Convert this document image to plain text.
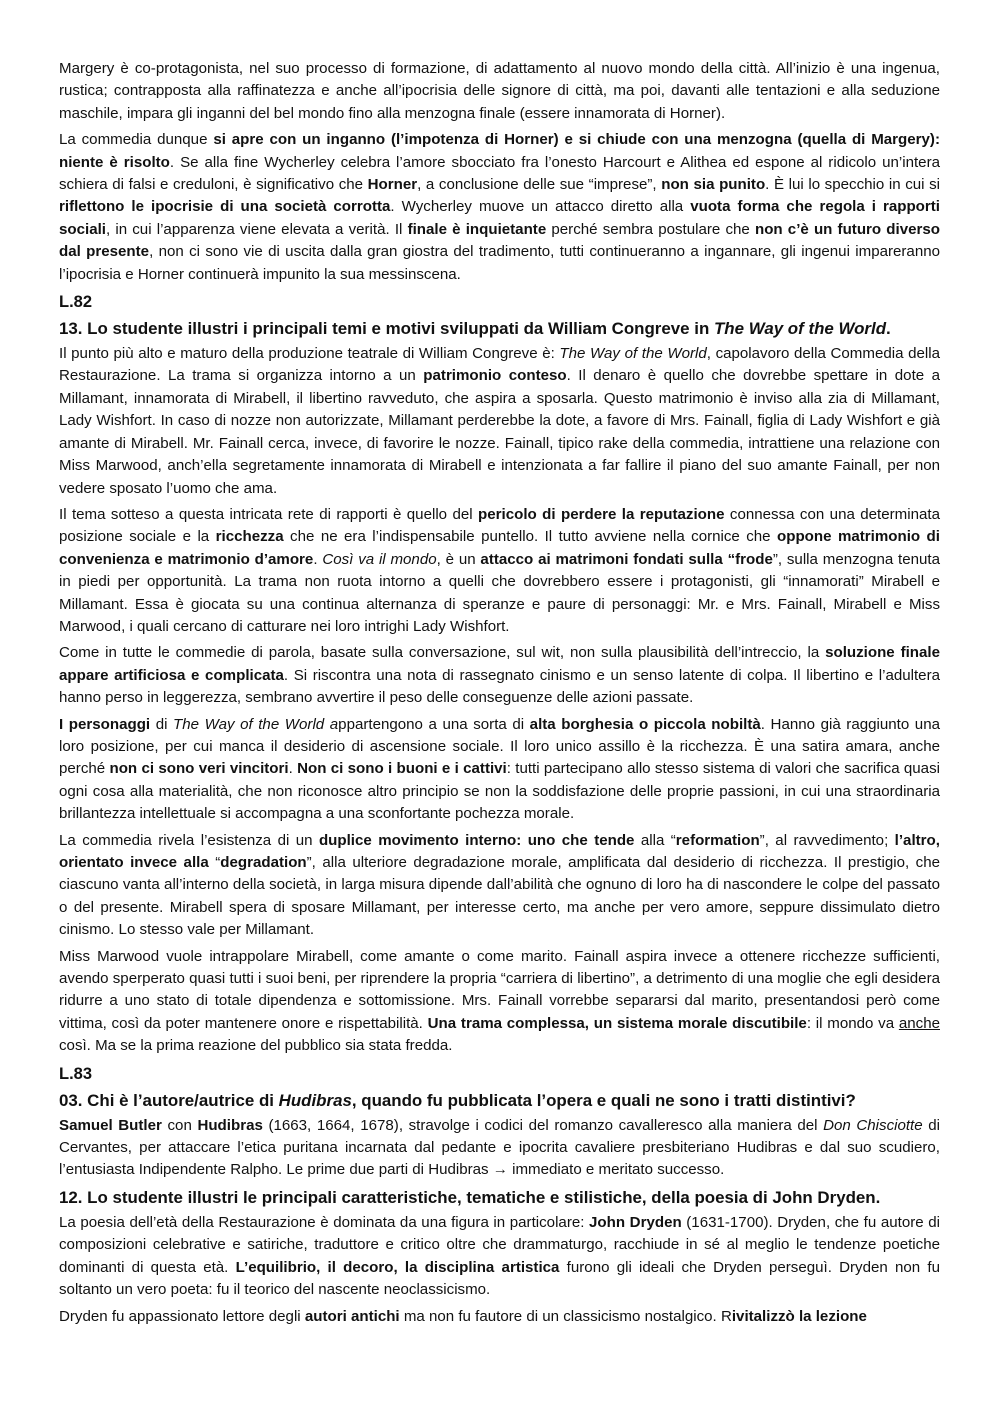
Margery è co-protagonista, nel suo processo di formazione, di adattamento al nuovo mondo della città. All’inizio è una ingenua, rustica; contrapposta alla raffinatezza e anche all’ipocrisia delle signore di città, ma poi, davanti alle tentazioni e alla seduzione maschile, impara gli inganni del bel mondo fino alla menzogna finale (essere innamorata di Horner).
La commedia dunque si apre con un inganno (l’impotenza di Horner) e si chiude con una menzogna (quella di Margery): niente è risolto. Se alla fine Wycherley celebra l’amore sbocciato fra l’onesto Harcourt e Alithea ed espone al ridicolo un’intera schiera di falsi e creduloni, è significativo che Horner, a conclusione delle sue “imprese”, non sia punito. È lui lo specchio in cui si riflettono le ipocrisie di una società corrotta. Wycherley muove un attacco diretto alla vuota forma che regola i rapporti sociali, in cui l’apparenza viene elevata a verità. Il finale è inquietante perché sembra postulare che non c’è un futuro diverso dal presente, non ci sono vie di uscita dalla gran giostra del tradimento, tutti continueranno a ingannare, gli ingenui impareranno l’ipocrisia e Horner continuerà impunito la sua messinscena.
L.82
13. Lo studente illustri i principali temi e motivi sviluppati da William Congreve in The Way of the World.
Il punto più alto e maturo della produzione teatrale di William Congreve è: The Way of the World, capolavoro della Commedia della Restaurazione. La trama si organizza intorno a un patrimonio conteso. Il denaro è quello che dovrebbe spettare in dote a Millamant, innamorata di Mirabell, il libertino ravveduto, che aspira a sposarla. Questo matrimonio è inviso alla zia di Millamant, Lady Wishfort. In caso di nozze non autorizzate, Millamant perderebbe la dote, a favore di Mrs. Fainall, figlia di Lady Wishfort e già amante di Mirabell. Mr. Fainall cerca, invece, di favorire le nozze. Fainall, tipico rake della commedia, intrattiene una relazione con Miss Marwood, anch’ella segretamente innamorata di Mirabell e intenzionata a far fallire il piano del suo amante Fainall, per non vedere sposato l’uomo che ama.
Il tema sotteso a questa intricata rete di rapporti è quello del pericolo di perdere la reputazione connessa con una determinata posizione sociale e la ricchezza che ne era l’indispensabile puntello. Il tutto avviene nella cornice che oppone matrimonio di convenienza e matrimonio d’amore. Così va il mondo, è un attacco ai matrimoni fondati sulla “frode”, sulla menzogna tenuta in piedi per opportunità. La trama non ruota intorno a quelli che dovrebbero essere i protagonisti, gli “innamorati” Mirabell e Millamant. Essa è giocata su una continua alternanza di speranze e paure di personaggi: Mr. e Mrs. Fainall, Mirabell e Miss Marwood, i quali cercano di catturare nei loro intrighi Lady Wishfort.
Come in tutte le commedie di parola, basate sulla conversazione, sul wit, non sulla plausibilità dell’intreccio, la soluzione finale appare artificiosa e complicata. Si riscontra una nota di rassegnato cinismo e un senso latente di colpa. Il libertino e l’adultera hanno perso in leggerezza, sembrano avvertire il peso delle conseguenze delle azioni passate.
I personaggi di The Way of the World appartengono a una sorta di alta borghesia o piccola nobiltà. Hanno già raggiunto una loro posizione, per cui manca il desiderio di ascensione sociale. Il loro unico assillo è la ricchezza. È una satira amara, anche perché non ci sono veri vincitori. Non ci sono i buoni e i cattivi: tutti partecipano allo stesso sistema di valori che sacrifica quasi ogni cosa alla materialità, che non riconosce altro principio se non la soddisfazione delle proprie passioni, in cui una straordinaria brillantezza intellettuale si accompagna a una sconfortante pochezza morale.
La commedia rivela l’esistenza di un duplice movimento interno: uno che tende alla “reformation”, al ravvedimento; l’altro, orientato invece alla “degradation”, alla ulteriore degradazione morale, amplificata dal desiderio di ricchezza. Il prestigio, che ciascuno vanta all’interno della società, in larga misura dipende dall’abilità che ognuno di loro ha di nascondere le colpe del passato o del presente. Mirabell spera di sposare Millamant, per interesse certo, ma anche per vero amore, seppure dissimulato dietro cinismo. Lo stesso vale per Millamant.
Miss Marwood vuole intrappolare Mirabell, come amante o come marito. Fainall aspira invece a ottenere ricchezze sufficienti, avendo sperperato quasi tutti i suoi beni, per riprendere la propria “carriera di libertino”, a detrimento di una moglie che egli desidera ridurre a uno stato di totale dipendenza e sottomissione. Mrs. Fainall vorrebbe separarsi dal marito, presentandosi però come vittima, così da poter mantenere onore e rispettabilità. Una trama complessa, un sistema morale discutibile: il mondo va anche così. Ma se la prima reazione del pubblico sia stata fredda.
L.83
03. Chi è l’autore/autrice di Hudibras, quando fu pubblicata l’opera e quali ne sono i tratti distintivi?
Samuel Butler con Hudibras (1663, 1664, 1678), stravolge i codici del romanzo cavalleresco alla maniera del Don Chisciotte di Cervantes, per attaccare l’etica puritana incarnata dal pedante e ipocrita cavaliere presbiteriano Hudibras e dal suo scudiero, l’entusiasta Indipendente Ralpho. Le prime due parti di Hudibras → immediato e meritato successo.
12. Lo studente illustri le principali caratteristiche, tematiche e stilistiche, della poesia di John Dryden.
La poesia dell’età della Restaurazione è dominata da una figura in particolare: John Dryden (1631-1700). Dryden, che fu autore di composizioni celebrative e satiriche, traduttore e critico oltre che drammaturgo, racchiude in sé al meglio le tendenze poetiche dominanti di questa età. L’equilibrio, il decoro, la disciplina artistica furono gli ideali che Dryden perseguì. Dryden non fu soltanto un vero poeta: fu il teorico del nascente neoclassicismo.
Dryden fu appassionato lettore degli autori antichi ma non fu fautore di un classicismo nostalgico. Rivitalizzò la lezione
